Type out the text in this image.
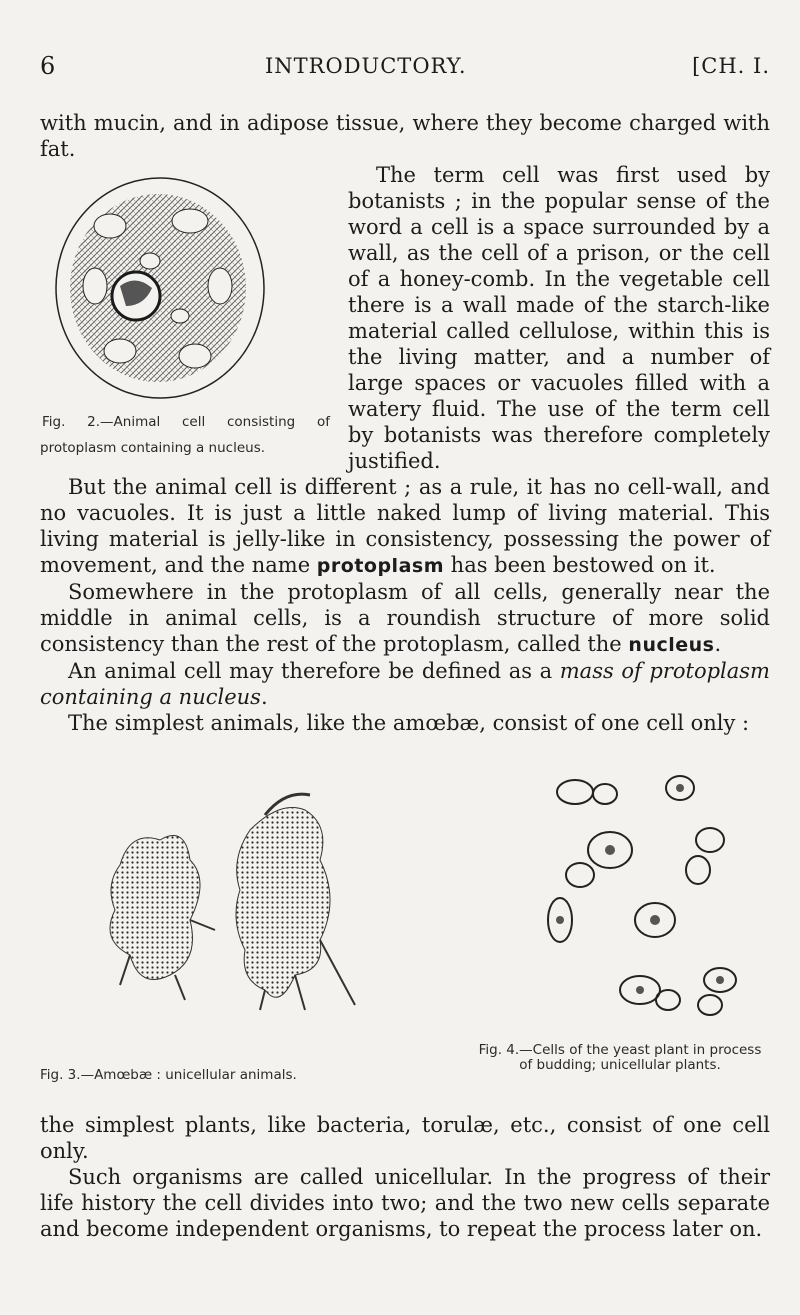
6	INTRODUCTORY.	[CH. I.

with mucin, and in adipose tissue, where they become charged with fat.

Fig. 2.—Animal cell consisting of protoplasm containing a nucleus.
The term cell was first used by botanists ; in the popular sense of the word a cell is a space surrounded by a wall, as the cell of a prison, or the cell of a honey-comb. In the vegetable cell there is a wall made of the starch-like material called cellulose, within this is the living matter, and a number of large spaces or vacuoles filled with a watery fluid. The use of the term cell by botanists was therefore completely justified.
But the animal cell is different ; as a rule, it has no cell-wall, and no vacuoles. It is just a little naked lump of living material. This living material is jelly-like in consistency, possessing the power of movement, and the name protoplasm has been bestowed on it.

Somewhere in the protoplasm of all cells, generally near the middle in animal cells, is a roundish structure of more solid consistency than the rest of the protoplasm, called the nucleus.

An animal cell may therefore be defined as a mass of protoplasm containing a nucleus.

The simplest animals, like the amœbæ, consist of one cell only :

Fig. 4.—Cells of the yeast plant in process of budding; unicellular plants.
Fig. 3.—Amœbæ : unicellular animals.

the simplest plants, like bacteria, torulæ, etc., consist of one cell only.

Such organisms are called unicellular. In the progress of their life history the cell divides into two; and the two new cells separate and become independent organisms, to repeat the process later on.
